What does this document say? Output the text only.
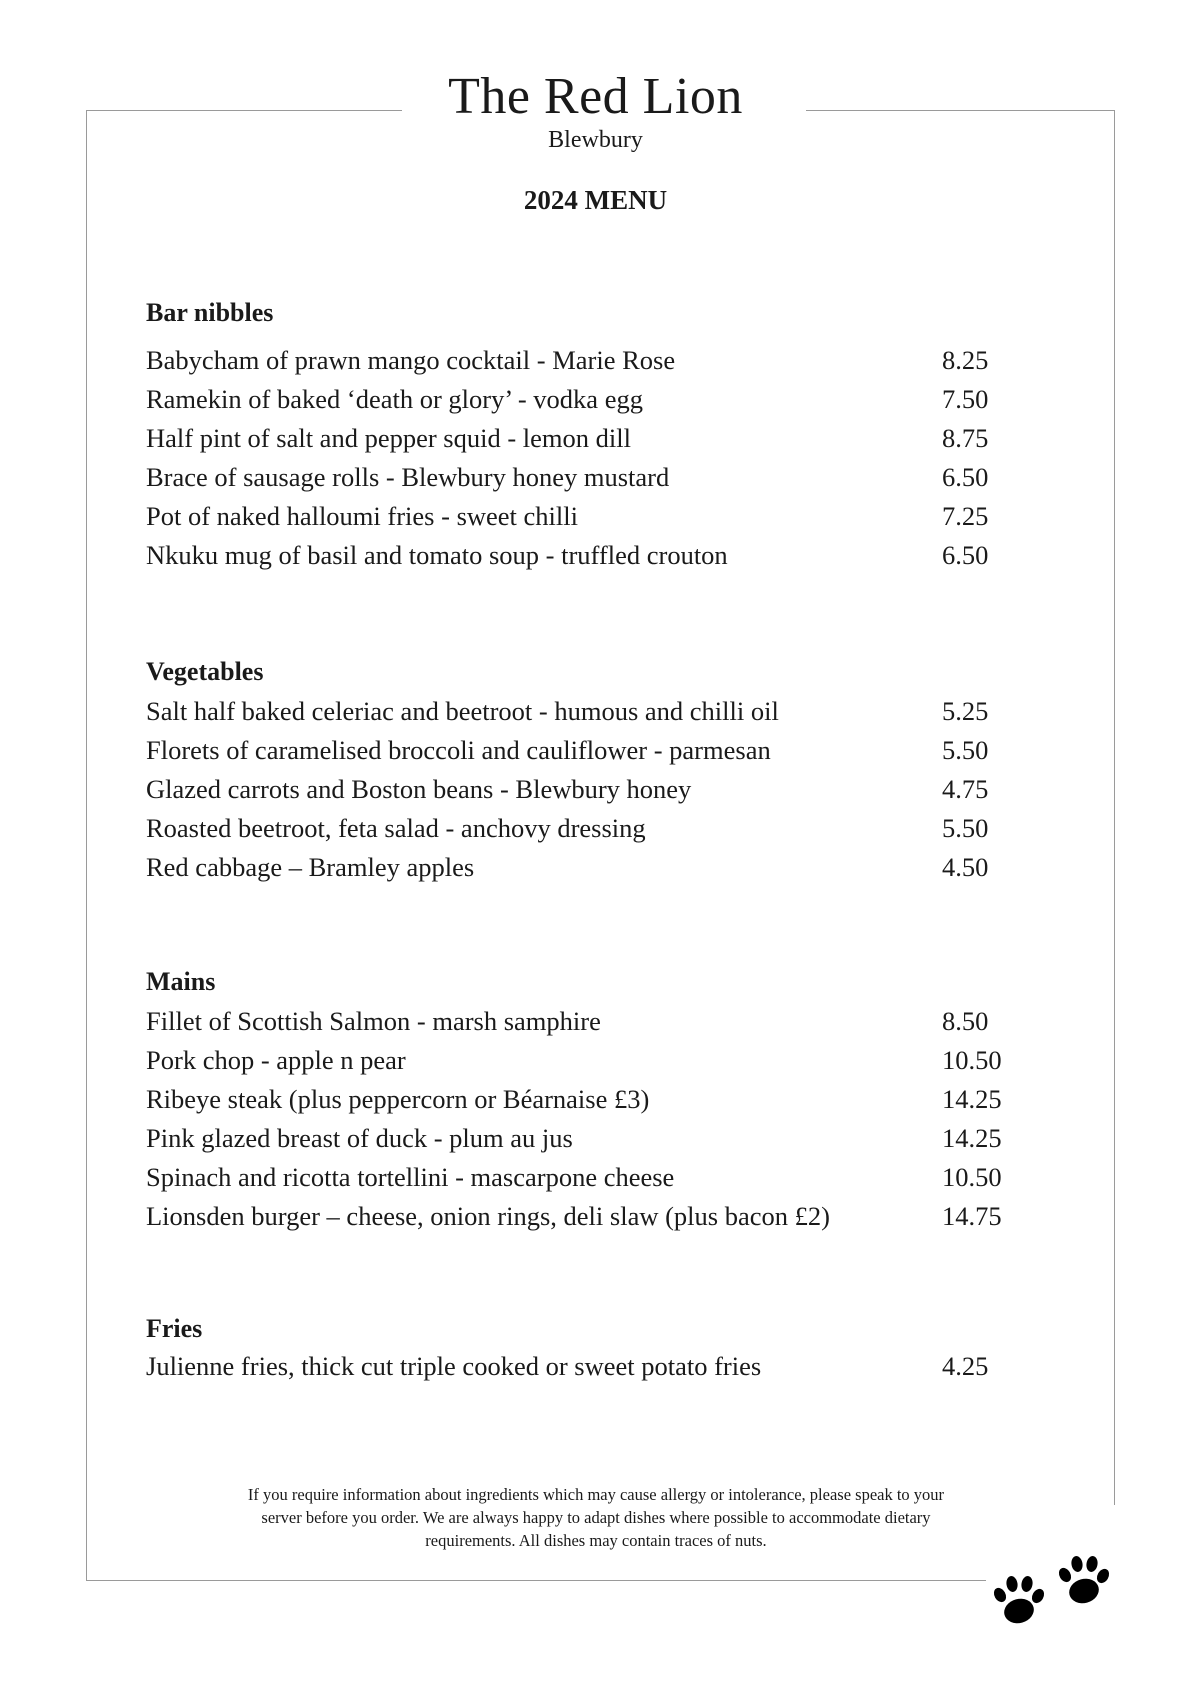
The Red Lion
Blewbury
2024 MENU
Bar nibbles
Babycham of prawn mango cocktail - Marie Rose	8.25
Ramekin of baked ‘death or glory’ - vodka egg	7.50
Half pint of salt and pepper squid - lemon dill	8.75
Brace of sausage rolls - Blewbury honey mustard	6.50
Pot of naked halloumi fries - sweet chilli	7.25
Nkuku mug of basil and tomato soup - truffled crouton	6.50
Vegetables
Salt half baked celeriac and beetroot - humous and chilli oil	5.25
Florets of caramelised broccoli and cauliflower - parmesan	5.50
Glazed carrots and Boston beans - Blewbury honey	4.75
Roasted beetroot, feta salad - anchovy dressing	5.50
Red cabbage – Bramley apples	4.50
Mains
Fillet of Scottish Salmon - marsh samphire	8.50
Pork chop - apple n pear	10.50
Ribeye steak (plus peppercorn or Béarnaise £3)	14.25
Pink glazed breast of duck - plum au jus	14.25
Spinach and ricotta tortellini - mascarpone cheese	10.50
Lionsden burger – cheese, onion rings, deli slaw (plus bacon £2)	14.75
Fries
Julienne fries, thick cut triple cooked or sweet potato fries	4.25
If you require information about ingredients which may cause allergy or intolerance, please speak to your
server before you order. We are always happy to adapt dishes where possible to accommodate dietary
requirements. All dishes may contain traces of nuts.
